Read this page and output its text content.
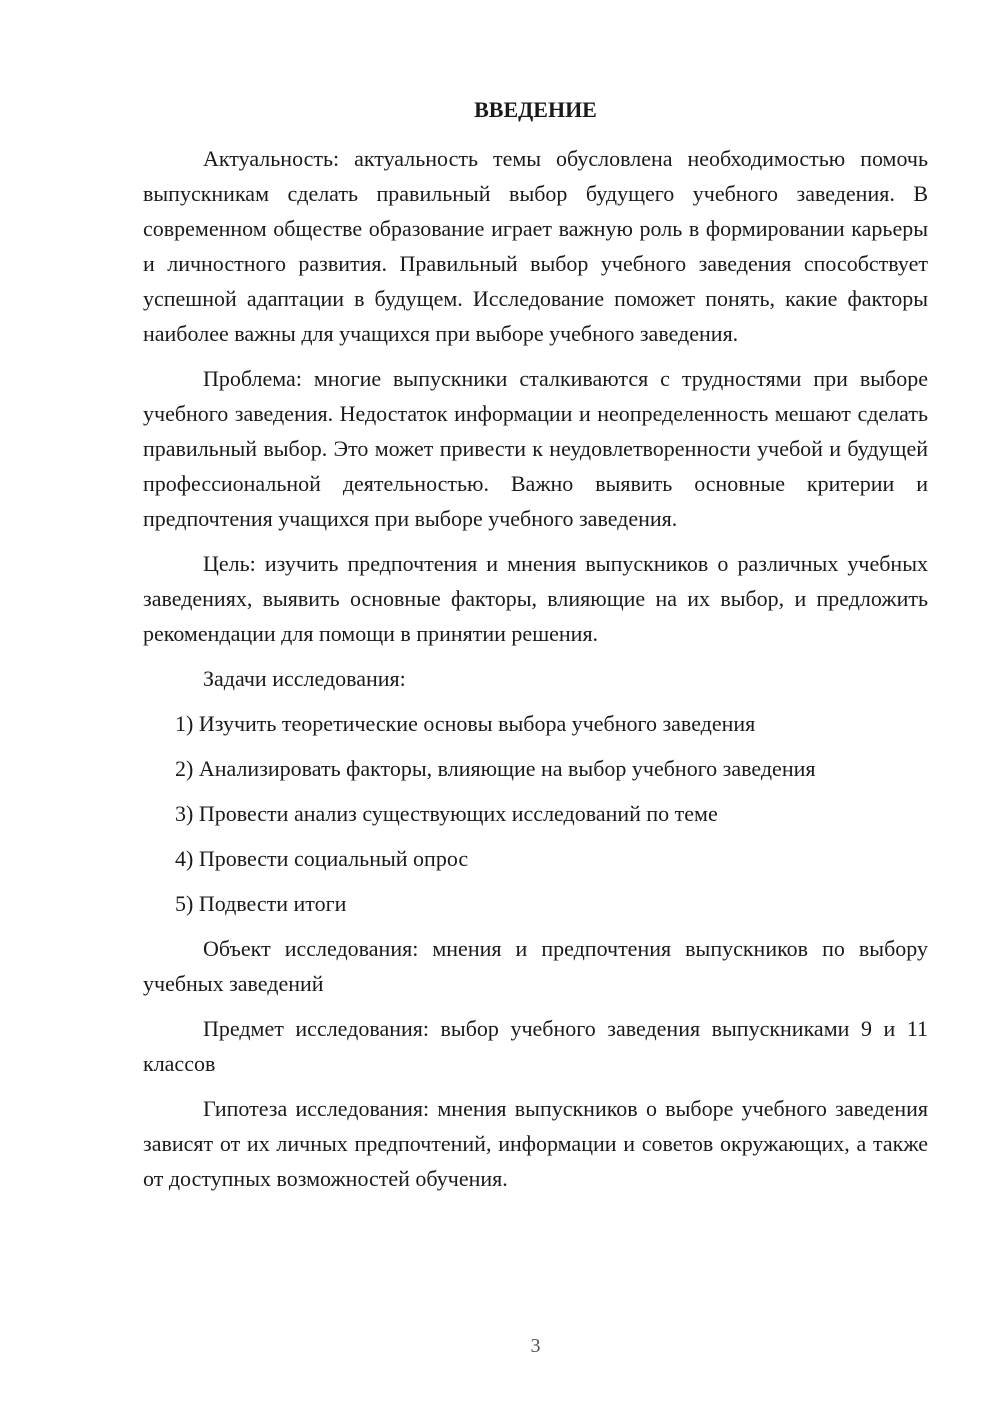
ВВЕДЕНИЕ

Актуальность: актуальность темы обусловлена необходимостью помочь выпускникам сделать правильный выбор будущего учебного заведения. В современном обществе образование играет важную роль в формировании карьеры и личностного развития. Правильный выбор учебного заведения способствует успешной адаптации в будущем. Исследование поможет понять, какие факторы наиболее важны для учащихся при выборе учебного заведения.

Проблема: многие выпускники сталкиваются с трудностями при выборе учебного заведения. Недостаток информации и неопределенность мешают сделать правильный выбор. Это может привести к неудовлетворенности учебой и будущей профессиональной деятельностью. Важно выявить основные критерии и предпочтения учащихся при выборе учебного заведения.

Цель: изучить предпочтения и мнения выпускников о различных учебных заведениях, выявить основные факторы, влияющие на их выбор, и предложить рекомендации для помощи в принятии решения.

Задачи исследования:

1) Изучить теоретические основы выбора учебного заведения
2) Анализировать факторы, влияющие на выбор учебного заведения
3) Провести анализ существующих исследований по теме
4) Провести социальный опрос
5) Подвести итоги

Объект исследования: мнения и предпочтения выпускников по выбору учебных заведений

Предмет исследования: выбор учебного заведения выпускниками 9 и 11 классов

Гипотеза исследования: мнения выпускников о выборе учебного заведения зависят от их личных предпочтений, информации и советов окружающих, а также от доступных возможностей обучения.

3
